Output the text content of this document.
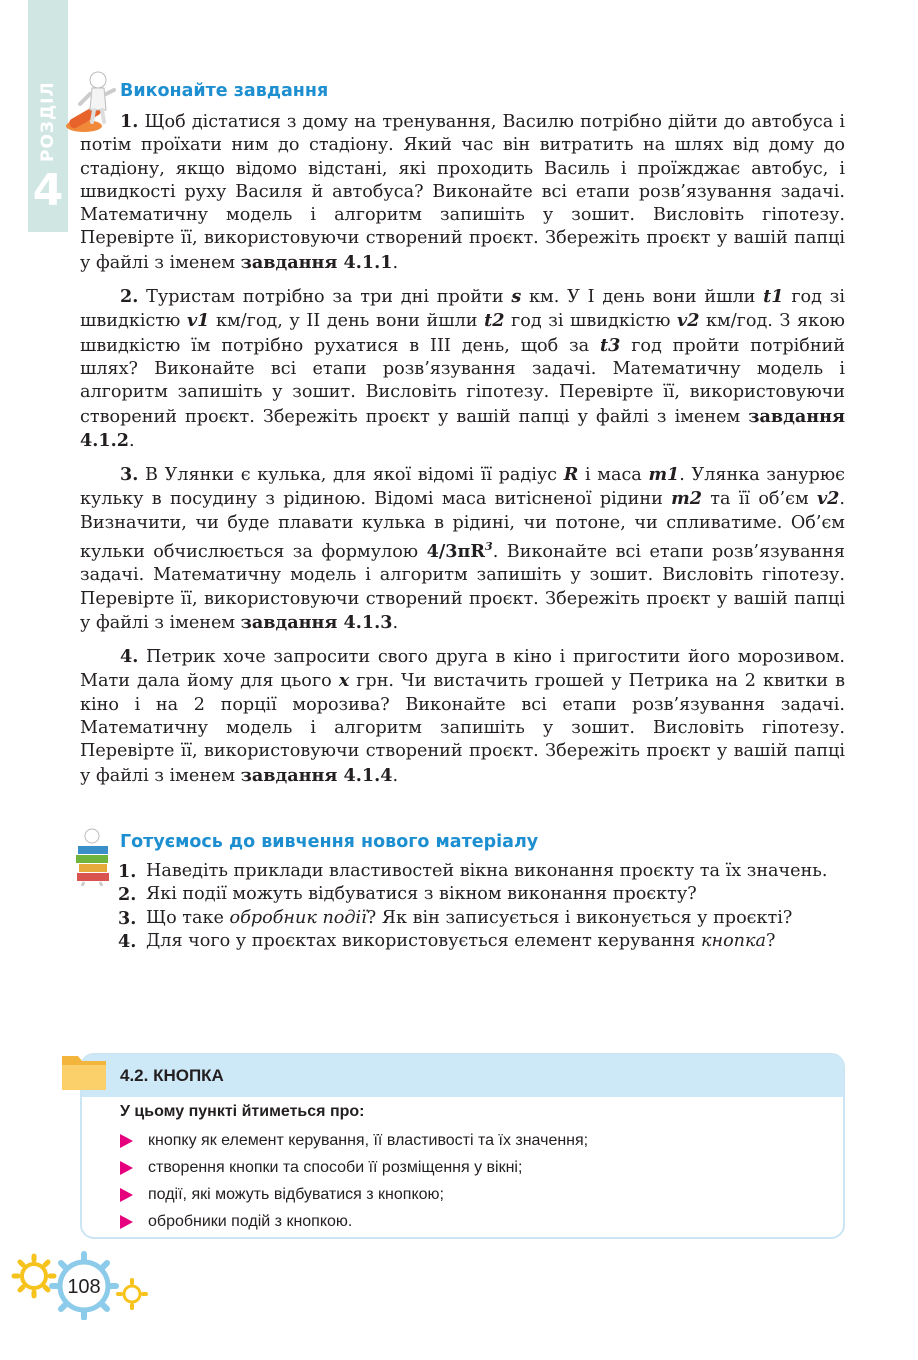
РОЗДІЛ
4
Виконайте завдання

1. Щоб дістатися з дому на тренування, Василю потрібно дійти до автобуса і потім проїхати ним до стадіону. Який час він витратить на шлях від дому до стадіону, якщо відомо відстані, які проходить Василь і проїжджає автобус, і швидкості руху Василя й автобуса? Виконайте всі етапи розв’язування задачі. Математичну модель і алгоритм запишіть у зошит. Висловіть гіпотезу. Перевірте її, використовуючи створений проєкт. Збережіть проєкт у вашій папці у файлі з іменем завдання 4.1.1.

2. Туристам потрібно за три дні пройти s км. У I день вони йшли t1 год зі швидкістю v1 км/год, у II день вони йшли t2 год зі швидкістю v2 км/год. З якою швидкістю їм потрібно рухатися в III день, щоб за t3 год пройти потрібний шлях? Виконайте всі етапи розв’язування задачі. Математичну модель і алгоритм запишіть у зошит. Висловіть гіпотезу. Перевірте її, використовуючи створений проєкт. Збережіть проєкт у вашій папці у файлі з іменем завдання 4.1.2.

3. В Улянки є кулька, для якої відомі її радіус R і маса m1. Улянка занурює кульку в посудину з рідиною. Відомі маса витісненої рідини m2 та її об’єм v2. Визначити, чи буде плавати кулька в рідині, чи потоне, чи спливатиме. Об’єм кульки обчислюється за формулою $4/3\pi R^3$. Виконайте всі етапи розв’язування задачі. Математичну модель і алгоритм запишіть у зошит. Висловіть гіпотезу. Перевірте її, використовуючи створений проєкт. Збережіть проєкт у вашій папці у файлі з іменем завдання 4.1.3.

4. Петрик хоче запросити свого друга в кіно і пригостити його морозивом. Мати дала йому для цього x грн. Чи вистачить грошей у Петрика на 2 квитки в кіно і на 2 порції морозива? Виконайте всі етапи розв’язування задачі. Математичну модель і алгоритм запишіть у зошит. Висловіть гіпотезу. Перевірте її, використовуючи створений проєкт. Збережіть проєкт у вашій папці у файлі з іменем завдання 4.1.4.

Готуємось до вивчення нового матеріалу
1. Наведіть приклади властивостей вікна виконання проєкту та їх значень.
2. Які події можуть відбуватися з вікном виконання проєкту?
3. Що таке обробник події? Як він записується і виконується у проєкті?
4. Для чого у проєктах використовується елемент керування кнопка?
4.2. КНОПКА
У цьому пункті йтиметься про:
кнопку як елемент керування, її властивості та їх значення;
створення кнопки та способи її розміщення у вікні;
події, які можуть відбуватися з кнопкою;
обробники подій з кнопкою.
108
